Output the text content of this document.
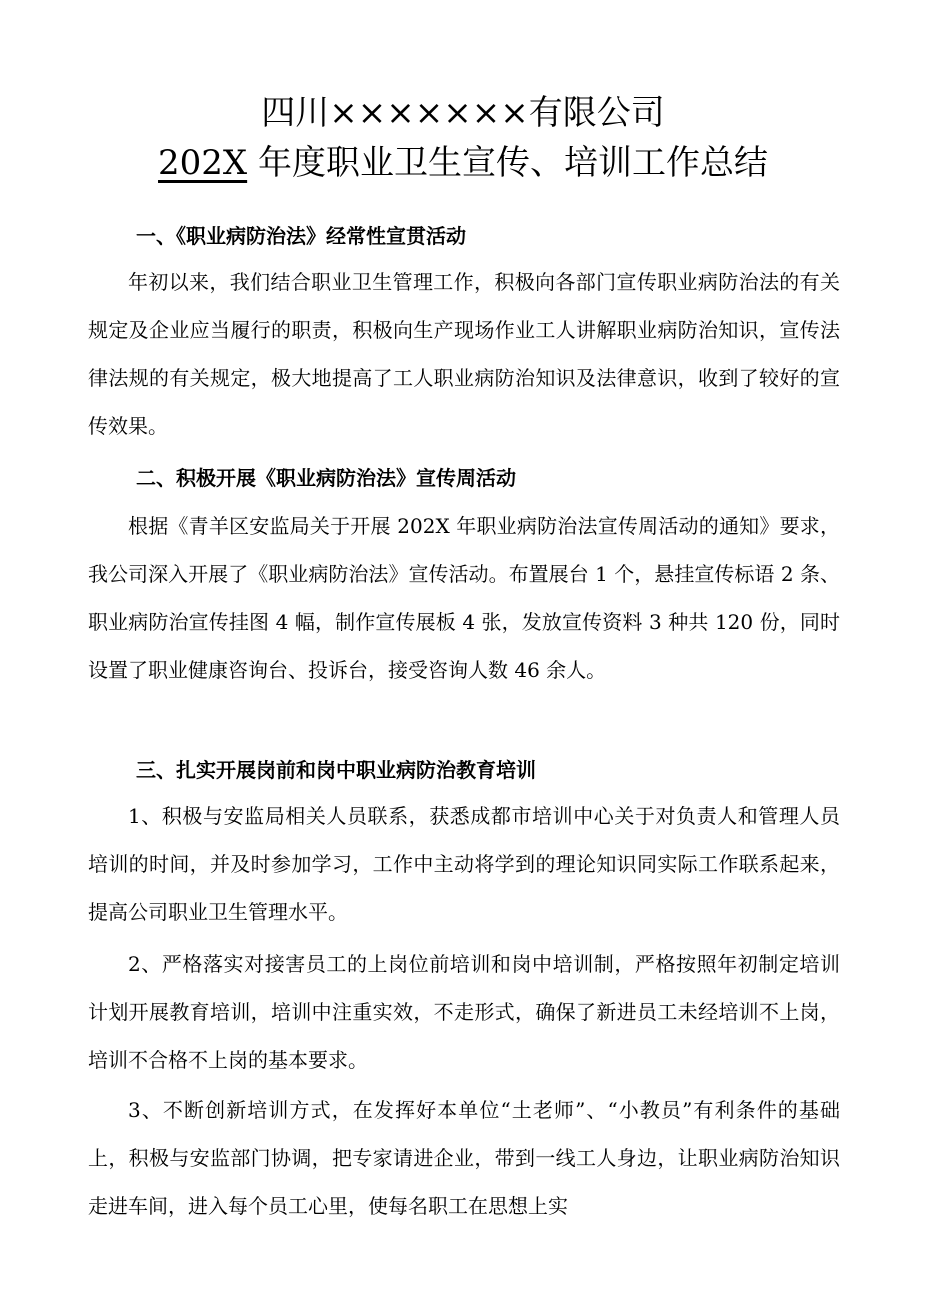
四川×××××××有限公司
202X 年度职业卫生宣传、培训工作总结
一、《职业病防治法》经常性宣贯活动
年初以来，我们结合职业卫生管理工作，积极向各部门宣传职业病防治法的有关规定及企业应当履行的职责，积极向生产现场作业工人讲解职业病防治知识，宣传法律法规的有关规定，极大地提高了工人职业病防治知识及法律意识，收到了较好的宣传效果。
二、积极开展《职业病防治法》宣传周活动
根据《青羊区安监局关于开展 202X 年职业病防治法宣传周活动的通知》要求，我公司深入开展了《职业病防治法》宣传活动。布置展台 1 个，悬挂宣传标语 2 条、职业病防治宣传挂图 4 幅，制作宣传展板 4 张，发放宣传资料 3 种共 120 份，同时设置了职业健康咨询台、投诉台，接受咨询人数 46 余人。
三、扎实开展岗前和岗中职业病防治教育培训
1、积极与安监局相关人员联系，获悉成都市培训中心关于对负责人和管理人员培训的时间，并及时参加学习，工作中主动将学到的理论知识同实际工作联系起来，提高公司职业卫生管理水平。
2、严格落实对接害员工的上岗位前培训和岗中培训制，严格按照年初制定培训计划开展教育培训，培训中注重实效，不走形式，确保了新进员工未经培训不上岗，培训不合格不上岗的基本要求。
3、不断创新培训方式，在发挥好本单位“土老师”、“小教员”有利条件的基础上，积极与安监部门协调，把专家请进企业，带到一线工人身边，让职业病防治知识走进车间，进入每个员工心里，使每名职工在思想上实
